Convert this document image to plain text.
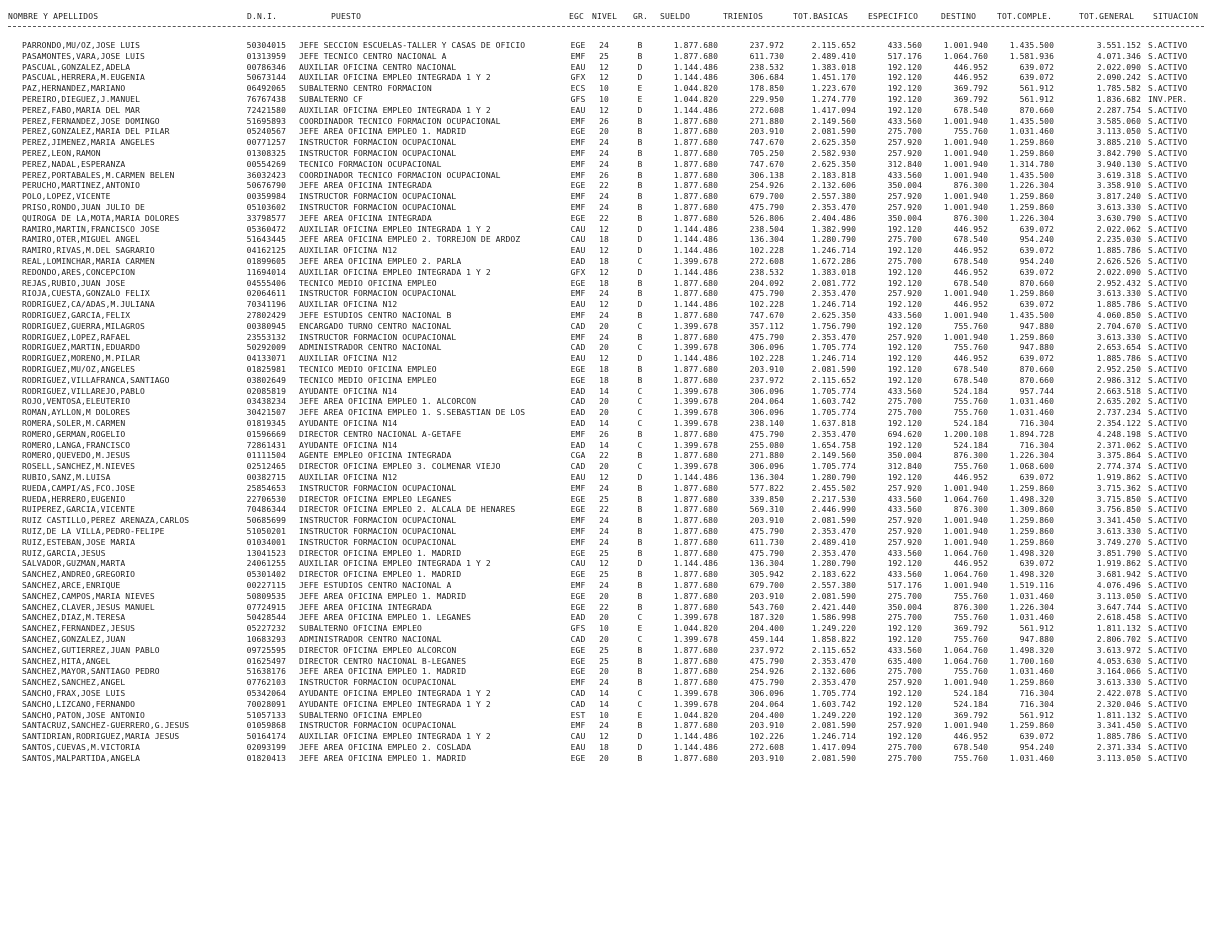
NOMBRE Y APELLIDOS	D.N.I.	PUESTO	EGC NIVEL GR. SUELDO	TRIENIOS	TOT.BASICAS ESPECIFICO	DESTINO	TOT.COMPLE.	TOT.GENERAL SITUACION
PARRONDO,MU/OZ,JOSE LUIS	50304015 JEFE SECCION ESCUELAS-TALLER Y CASAS DE OFICIO	EGE	24	B	1.877.680	237.972	2.115.652	433.560	1.001.940	1.435.500	3.551.152 S.ACTIVO
PASAMONTES,VARA,JOSE LUIS	01313959 JEFE TECNICO CENTRO NACIONAL A	EMF	25	B	1.877.680	611.730	2.489.410	517.176	1.064.760	1.581.936	4.071.346 S.ACTIVO
PASCUAL,GONZALEZ,ADELA	00786346 AUXILIAR OFICINA CENTRO NACIONAL	EAU	12	D	1.144.486	238.532	1.383.018	192.120	446.952	639.072	2.022.090 S.ACTIVO
PASCUAL,HERRERA,M.EUGENIA	50673144 AUXILIAR OFICINA EMPLEO INTEGRADA 1 Y 2	GFX	12	D	1.144.486	306.684	1.451.170	192.120	446.952	639.072	2.090.242 S.ACTIVO
PAZ,HERNANDEZ,MARIANO	06492065 SUBALTERNO CENTRO FORMACION	ECS	10	E	1.044.820	178.850	1.223.670	192.120	369.792	561.912	1.785.582 S.ACTIVO
PEREIRO,DIEGUEZ,J.MANUEL	76767438 SUBALTERNO CF	GFS	10	E	1.044.820	229.950	1.274.770	192.120	369.792	561.912	1.836.682 INV.PER.
PEREZ,FABO,MARIA DEL MAR	72421580 AUXILIAR OFICINA EMPLEO INTEGRADA 1 Y 2	EAU	12	D	1.144.486	272.608	1.417.094	192.120	678.540	870.660	2.287.754 S.ACTIVO
PEREZ,FERNANDEZ,JOSE DOMINGO	51695893 COORDINADOR TECNICO FORMACION OCUPACIONAL	EMF	26	B	1.877.680	271.880	2.149.560	433.560	1.001.940	1.435.500	3.585.060 S.ACTIVO
PEREZ,GONZALEZ,MARIA DEL PILAR	05240567 JEFE AREA OFICINA EMPLEO 1. MADRID	EGE	20	B	1.877.680	203.910	2.081.590	275.700	755.760	1.031.460	3.113.050 S.ACTIVO
PEREZ,JIMENEZ,MARIA ANGELES	00771257 INSTRUCTOR FORMACION OCUPACIONAL	EMF	24	B	1.877.680	747.670	2.625.350	257.920	1.001.940	1.259.860	3.885.210 S.ACTIVO
PEREZ,LEON,RAMON	01308325 INSTRUCTOR FORMACION OCUPACIONAL	EMF	24	B	1.877.680	705.250	2.582.930	257.920	1.001.940	1.259.860	3.842.790 S.ACTIVO
PEREZ,NADAL,ESPERANZA	00554269 TECNICO FORMACION OCUPACIONAL	EMF	24	B	1.877.680	747.670	2.625.350	312.840	1.001.940	1.314.780	3.940.130 S.ACTIVO
PEREZ,PORTABALES,M.CARMEN BELEN	36032423 COORDINADOR TECNICO FORMACION OCUPACIONAL	EMF	26	B	1.877.680	306.138	2.183.818	433.560	1.001.940	1.435.500	3.619.318 S.ACTIVO
PERUCHO,MARTINEZ,ANTONIO	50676790 JEFE AREA OFICINA INTEGRADA	EGE	22	B	1.877.680	254.926	2.132.606	350.004	876.300	1.226.304	3.358.910 S.ACTIVO
POLO,LOPEZ,VICENTE	00359984 INSTRUCTOR FORMACION OCUPACIONAL	EMF	24	B	1.877.680	679.700	2.557.380	257.920	1.001.940	1.259.860	3.817.240 S.ACTIVO
PRISO,RONDO,JUAN JULIO DE	05103602 INSTRUCTOR FORMACION OCUPACIONAL	EMF	24	B	1.877.680	475.790	2.353.470	257.920	1.001.940	1.259.860	3.613.330 S.ACTIVO
QUIROGA DE LA,MOTA,MARIA DOLORES	33798577 JEFE AREA OFICINA INTEGRADA	EGE	22	B	1.877.680	526.806	2.404.486	350.004	876.300	1.226.304	3.630.790 S.ACTIVO
RAMIRO,MARTIN,FRANCISCO JOSE	05360472 AUXILIAR OFICINA EMPLEO INTEGRADA 1 Y 2	CAU	12	D	1.144.486	238.504	1.382.990	192.120	446.952	639.072	2.022.062 S.ACTIVO
RAMIRO,OTER,MIGUEL ANGEL	51643445 JEFE AREA OFICINA EMPLEO 2. TORREJON DE ARDOZ	CAU	18	D	1.144.486	136.304	1.280.790	275.700	678.540	954.240	2.235.030 S.ACTIVO
RAMIRO,RIVAS,M.DEL SAGRARIO	04162125 AUXILIAR OFICINA N12	EAU	12	D	1.144.486	102.228	1.246.714	192.120	446.952	639.072	1.885.786 S.ACTIVO
REAL,LOMINCHAR,MARIA CARMEN	01899605 JEFE AREA OFICINA EMPLEO 2. PARLA	EAD	18	C	1.399.678	272.608	1.672.286	275.700	678.540	954.240	2.626.526 S.ACTIVO
REDONDO,ARES,CONCEPCION	11694014 AUXILIAR OFICINA EMPLEO INTEGRADA 1 Y 2	GFX	12	D	1.144.486	238.532	1.383.018	192.120	446.952	639.072	2.022.090 S.ACTIVO
REJAS,RUBIO,JUAN JOSE	04555406 TECNICO MEDIO OFICINA EMPLEO	EGE	18	B	1.877.680	204.092	2.081.772	192.120	678.540	870.660	2.952.432 S.ACTIVO
RIOJA,CUESTA,GONZALO FELIX	02064611 INSTRUCTOR FORMACION OCUPACIONAL	EMF	24	B	1.877.680	475.790	2.353.470	257.920	1.001.940	1.259.860	3.613.330 S.ACTIVO
RODRIGUEZ,CA/ADAS,M.JULIANA	70341196 AUXILIAR OFICINA N12	EAU	12	D	1.144.486	102.228	1.246.714	192.120	446.952	639.072	1.885.786 S.ACTIVO
RODRIGUEZ,GARCIA,FELIX	27802429 JEFE ESTUDIOS CENTRO NACIONAL B	EMF	24	B	1.877.680	747.670	2.625.350	433.560	1.001.940	1.435.500	4.060.850 S.ACTIVO
RODRIGUEZ,GUERRA,MILAGROS	00380945 ENCARGADO TURNO CENTRO NACIONAL	CAD	20	C	1.399.678	357.112	1.756.790	192.120	755.760	947.880	2.704.670 S.ACTIVO
RODRIGUEZ,LOPEZ,RAFAEL	23553132 INSTRUCTOR FORMACION OCUPACIONAL	EMF	24	B	1.877.680	475.790	2.353.470	257.920	1.001.940	1.259.860	3.613.330 S.ACTIVO
RODRIGUEZ,MARTIN,EDUARDO	50292009 ADMINISTRADOR CENTRO NACIONAL	CAD	20	C	1.399.678	306.096	1.705.774	192.120	755.760	947.880	2.653.654 S.ACTIVO
RODRIGUEZ,MORENO,M.PILAR	04133071 AUXILIAR OFICINA N12	EAU	12	D	1.144.486	102.228	1.246.714	192.120	446.952	639.072	1.885.786 S.ACTIVO
RODRIGUEZ,MU/OZ,ANGELES	01825981 TECNICO MEDIO OFICINA EMPLEO	EGE	18	B	1.877.680	203.910	2.081.590	192.120	678.540	870.660	2.952.250 S.ACTIVO
RODRIGUEZ,VILLAFRANCA,SANTIAGO	03802649 TECNICO MEDIO OFICINA EMPLEO	EGE	18	B	1.877.680	237.972	2.115.652	192.120	678.540	870.660	2.986.312 S.ACTIVO
RODRIGUEZ,VILLAREJO,PABLO	02085819 AYUDANTE OFICINA N14	EAD	14	C	1.399.678	306.096	1.705.774	433.560	524.184	957.744	2.663.518 S.ACTIVO
ROJO,VENTOSA,ELEUTERIO	03438234 JEFE AREA OFICINA EMPLEO 1. ALCORCON	CAD	20	C	1.399.678	204.064	1.603.742	275.700	755.760	1.031.460	2.635.202 S.ACTIVO
ROMAN,AYLLON,M DOLORES	30421507 JEFE AREA OFICINA EMPLEO 1. S.SEBASTIAN DE LOS	EAD	20	C	1.399.678	306.096	1.705.774	275.700	755.760	1.031.460	2.737.234 S.ACTIVO
ROMERA,SOLER,M.CARMEN	01819345 AYUDANTE OFICINA N14	EAD	14	C	1.399.678	238.140	1.637.818	192.120	524.184	716.304	2.354.122 S.ACTIVO
ROMERO,GERMAN,ROGELIO	01596669 DIRECTOR CENTRO NACIONAL A-GETAFE	EMF	26	B	1.877.680	475.790	2.353.470	694.620	1.200.108	1.894.728	4.248.198 S.ACTIVO
ROMERO,LANGA,FRANCISCO	72861431 AYUDANTE OFICINA N14	EAD	14	C	1.399.678	255.080	1.654.758	192.120	524.184	716.304	2.371.062 S.ACTIVO
ROMERO,QUEVEDO,M.JESUS	01111504 AGENTE EMPLEO OFICINA INTEGRADA	CGA	22	B	1.877.680	271.880	2.149.560	350.004	876.300	1.226.304	3.375.864 S.ACTIVO
ROSELL,SANCHEZ,M.NIEVES	02512465 DIRECTOR OFICINA EMPLEO 3. COLMENAR VIEJO	CAD	20	C	1.399.678	306.096	1.705.774	312.840	755.760	1.068.600	2.774.374 S.ACTIVO
RUBIO,SANZ,M.LUISA	00382715 AUXILIAR OFICINA N12	EAU	12	D	1.144.486	136.304	1.280.790	192.120	446.952	639.072	1.919.862 S.ACTIVO
RUEDA,CAMPI/AS,FCO.JOSE	25854653 INSTRUCTOR FORMACION OCUPACIONAL	EMF	24	B	1.877.680	577.822	2.455.502	257.920	1.001.940	1.259.860	3.715.362 S.ACTIVO
RUEDA,HERRERO,EUGENIO	22706530 DIRECTOR OFICINA EMPLEO LEGANES	EGE	25	B	1.877.680	339.850	2.217.530	433.560	1.064.760	1.498.320	3.715.850 S.ACTIVO
RUIPEREZ,GARCIA,VICENTE	70486344 DIRECTOR OFICINA EMPLEO 2. ALCALA DE HENARES	EGE	22	B	1.877.680	569.310	2.446.990	433.560	876.300	1.309.860	3.756.850 S.ACTIVO
RUIZ CASTILLO,PEREZ ARENAZA,CARLOS	50685699 INSTRUCTOR FORMACION OCUPACIONAL	EMF	24	B	1.877.680	203.910	2.081.590	257.920	1.001.940	1.259.860	3.341.450 S.ACTIVO
RUIZ,DE LA VILLA,PEDRO-FELIPE	51050201 INSTRUCTOR FORMACION OCUPACIONAL	EMF	24	B	1.877.680	475.790	2.353.470	257.920	1.001.940	1.259.860	3.613.330 S.ACTIVO
RUIZ,ESTEBAN,JOSE MARIA	01034001 INSTRUCTOR FORMACION OCUPACIONAL	EMF	24	B	1.877.680	611.730	2.489.410	257.920	1.001.940	1.259.860	3.749.270 S.ACTIVO
RUIZ,GARCIA,JESUS	13041523 DIRECTOR OFICINA EMPLEO 1. MADRID	EGE	25	B	1.877.680	475.790	2.353.470	433.560	1.064.760	1.498.320	3.851.790 S.ACTIVO
SALVADOR,GUZMAN,MARTA	24061255 AUXILIAR OFICINA EMPLEO INTEGRADA 1 Y 2	CAU	12	D	1.144.486	136.304	1.280.790	192.120	446.952	639.072	1.919.862 S.ACTIVO
SANCHEZ,ANDREO,GREGORIO	05301402 DIRECTOR OFICINA EMPLEO 1. MADRID	EGE	25	B	1.877.680	305.942	2.183.622	433.560	1.064.760	1.498.320	3.681.942 S.ACTIVO
SANCHEZ,ARCE,ENRIQUE	00227115 JEFE ESTUDIOS CENTRO NACIONAL A	EMF	24	B	1.877.680	679.700	2.557.380	517.176	1.001.940	1.519.116	4.076.496 S.ACTIVO
SANCHEZ,CAMPOS,MARIA NIEVES	50809535 JEFE AREA OFICINA EMPLEO 1. MADRID	EGE	20	B	1.877.680	203.910	2.081.590	275.700	755.760	1.031.460	3.113.050 S.ACTIVO
SANCHEZ,CLAVER,JESUS MANUEL	07724915 JEFE AREA OFICINA INTEGRADA	EGE	22	B	1.877.680	543.760	2.421.440	350.004	876.300	1.226.304	3.647.744 S.ACTIVO
SANCHEZ,DIAZ,M.TERESA	50428544 JEFE AREA OFICINA EMPLEO 1. LEGANES	EAD	20	C	1.399.678	187.320	1.586.998	275.700	755.760	1.031.460	2.618.458 S.ACTIVO
SANCHEZ,FERNANDEZ,JESUS	05227232 SUBALTERNO OFICINA EMPLEO	GFS	10	E	1.044.820	204.400	1.249.220	192.120	369.792	561.912	1.811.132 S.ACTIVO
SANCHEZ,GONZALEZ,JUAN	10683293 ADMINISTRADOR CENTRO NACIONAL	CAD	20	C	1.399.678	459.144	1.858.822	192.120	755.760	947.880	2.806.702 S.ACTIVO
SANCHEZ,GUTIERREZ,JUAN PABLO	09725595 DIRECTOR OFICINA EMPLEO ALCORCON	EGE	25	B	1.877.680	237.972	2.115.652	433.560	1.064.760	1.498.320	3.613.972 S.ACTIVO
SANCHEZ,HITA,ANGEL	01625497 DIRECTOR CENTRO NACIONAL B-LEGANES	EGE	25	B	1.877.680	475.790	2.353.470	635.400	1.064.760	1.700.160	4.053.630 S.ACTIVO
SANCHEZ,MAYOR,SANTIAGO PEDRO	51638176 JEFE AREA OFICINA EMPLEO 1. MADRID	EGE	20	B	1.877.680	254.926	2.132.606	275.700	755.760	1.031.460	3.164.066 S.ACTIVO
SANCHEZ,SANCHEZ,ANGEL	07762103 INSTRUCTOR FORMACION OCUPACIONAL	EMF	24	B	1.877.680	475.790	2.353.470	257.920	1.001.940	1.259.860	3.613.330 S.ACTIVO
SANCHO,FRAX,JOSE LUIS	05342064 AYUDANTE OFICINA EMPLEO INTEGRADA 1 Y 2	CAD	14	C	1.399.678	306.096	1.705.774	192.120	524.184	716.304	2.422.078 S.ACTIVO
SANCHO,LIZCANO,FERNANDO	70028091 AYUDANTE OFICINA EMPLEO INTEGRADA 1 Y 2	CAD	14	C	1.399.678	204.064	1.603.742	192.120	524.184	716.304	2.320.046 S.ACTIVO
SANCHO,PATON,JOSE ANTONIO	51057133 SUBALTERNO OFICINA EMPLEO	EST	10	E	1.044.820	204.400	1.249.220	192.120	369.792	561.912	1.811.132 S.ACTIVO
SANTACRUZ,SANCHEZ-GUERRERO,G.JESUS	01059868 INSTRUCTOR FORMACION OCUPACIONAL	EMF	24	B	1.877.680	203.910	2.081.590	257.920	1.001.940	1.259.860	3.341.450 S.ACTIVO
SANTIDRIAN,RODRIGUEZ,MARIA JESUS	50164174 AUXILIAR OFICINA EMPLEO INTEGRADA 1 Y 2	CAU	12	D	1.144.486	102.226	1.246.714	192.120	446.952	639.072	1.885.786 S.ACTIVO
SANTOS,CUEVAS,M.VICTORIA	02093199 JEFE AREA OFICINA EMPLEO 2. COSLADA	EAU	18	D	1.144.486	272.608	1.417.094	275.700	678.540	954.240	2.371.334 S.ACTIVO
SANTOS,MALPARTIDA,ANGELA	01820413 JEFE AREA OFICINA EMPLEO 1. MADRID	EGE	20	B	1.877.680	203.910	2.081.590	275.700	755.760	1.031.460	3.113.050 S.ACTIVO
